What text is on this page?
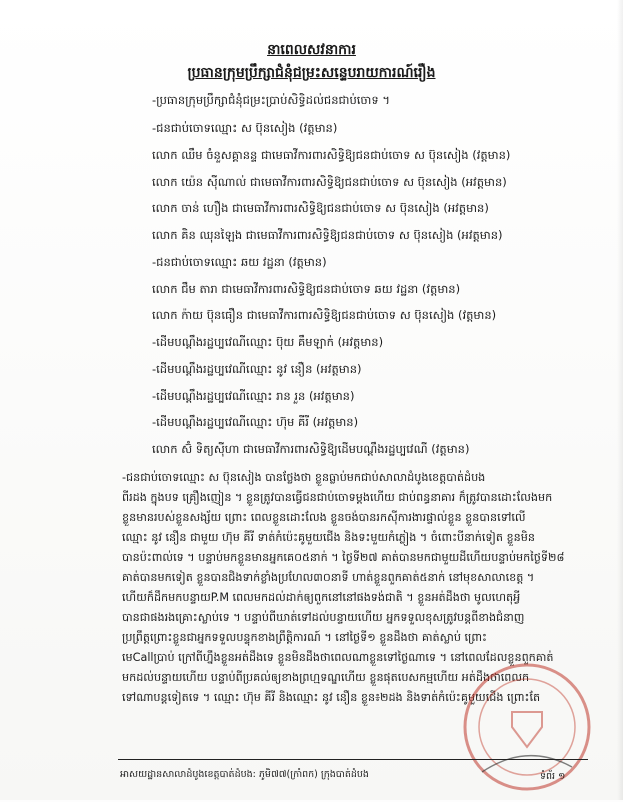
នាពេលសវនាការ
ប្រធានក្រុមប្រឹក្សាជំនុំជម្រះសន្ទេបរាយការណ៍រឿង
-ប្រធានក្រុមប្រឹក្សាជំនុំជម្រះប្រាប់សិទ្ធិដល់ជនជាប់ចោទ ។
-ជនជាប់ចោទឈ្មោះ ស ប៊ុនសៀង (វត្តមាន)
លោក ឈឹម ចំនួសគ្គានន្ទ ជាមេធាវីការពារសិទ្ធិឱ្យជនជាប់ចោទ ស ប៊ុនសៀង (វត្តមាន)
លោក យ៉េន ស៊ីណាល់ ជាមេធាវីការពារសិទ្ធិឱ្យជនជាប់ចោទ ស ប៊ុនសៀង (អវត្តមាន)
លោក ចាន់ ហឿង ជាមេធាវីការពារសិទ្ធិឱ្យជនជាប់ចោទ ស ប៊ុនសៀង (អវត្តមាន)
លោក គិន ឈុនឡៃង ជាមេធាវីការពារសិទ្ធិឱ្យជនជាប់ចោទ ស ប៊ុនសៀង (អវត្តមាន)
-ជនជាប់ចោទឈ្មោះ ឆយ វដ្ឋនា (វត្តមាន)
លោក ជឹម តារា ជាមេធាវីការពារសិទ្ធិឱ្យជនជាប់ចោទ ឆយ វដ្ឋនា (វត្តមាន)
លោក ក៉ាយ ប៊ុនធឿន ជាមេធាវីការពារសិទ្ធិឱ្យជនជាប់ចោទ ស ប៊ុនសៀង (វត្តមាន)
-ដើមបណ្ដឹងរដ្ឋប្បវេណីឈ្មោះ ប៊ុយ គឹមឡាក់ (អវត្តមាន)
-ដើមបណ្ដឹងរដ្ឋប្បវេណីឈ្មោះ នូវ នឿន (អវត្តមាន)
-ដើមបណ្ដឹងរដ្ឋប្បវេណីឈ្មោះ រាន រួន (អវត្តមាន)
-ដើមបណ្ដឹងរដ្ឋប្បវេណីឈ្មោះ ហ៊ុម គីរី (អវត្តមាន)
លោក ស៊ំ ទិត្យស៊ីហា ជាមេធាវីការពារសិទ្ធិឱ្យដើមបណ្ដឹងរដ្ឋប្បវេណី (វត្តមាន)

-ជនជាប់ចោទឈ្មោះ ស ប៊ុនសៀង បានថ្លែងថា ខ្លួនធ្លាប់មកជាប់សាលាដំបូងខេត្តបាត់ដំបង

ពីរដង ក្នុងបទ គ្រឿងញៀន ។ ខ្លួនត្រូវបានធ្វើជនជាប់ចោទម្ដងហើយ ជាប់ពន្ធនាគារ ក៏ត្រូវបានដោះលែងមក

ខ្លួនមានរបស់ខ្លួនសង្ស័យ ព្រោះ ពេលខ្លួនដោះលែង ខ្លួនចង់បានរកស៊ីការងារផ្ទាល់ខ្លួន ខ្លួនបានទៅលើ

ឈ្មោះ នូវ នឿន ជាមួយ ហ៊ុម គីរី ទាត់កំប៉េះគូមួយជើង និងទះមួយកំភ្លៀង ។ ចំពោះបីនាក់ទៀត ខ្លួនមិន

បានប៉ះពាល់ទេ ។ បន្ទាប់មកខ្លួនមានអ្នកគេ០៥នាក់ ។ ថ្ងៃទី២៧ គាត់បានមកជាមួយដីហើយបន្ទាប់មកថ្ងៃទី២៨

គាត់បានមកទៀត ខ្លួនបានជិងទាក់ខ្លាំងប្រហែល៣០នាទី ហាត់ខ្លួនពួកគាត់៥នាក់ នៅមុខសាលាខេត្ត ។

ហើយក៏ដឹកមកបន្ទាយP.M ពេលមកដល់ដាក់ឲ្យពួកនៅនៅផងទង់ជាតិ ។ ខ្លួនអត់ដឹងថា មូលហេតុអ្វី

បានជាផងរងគ្រោះស្លាប់ទេ ។ បន្ទាប់ពីឃាត់ទៅដល់បន្ទាយហើយ អ្នកទទួលខុសត្រូវបន្តពីខាងជំនាញ

ប្រព្រឹត្តព្រោះខ្លួនជាអ្នកទទួលបន្ទុកខាងព្រឹត្តិការណ៍ ។ នៅថ្ងៃទី១ ខ្លួនដឹងថា គាត់ស្លាប់ ព្រោះ

មេCallប្រាប់ ក្រៅពីហ្នឹងខ្លួនអត់ដឹងទេ ខ្លួនមិនដឹងថាពេលណាខ្លួនទៅថ្ងៃណាទេ ។ នៅពេលដែលខ្លួនពួកគាត់

មកដល់បន្ទាយហើយ បន្ទាប់ពីប្រគល់ឲ្យខាងព្រហ្មទណ្ឌហើយ ខ្លួនផុតបេសកម្មហើយ អត់ដឹងថាពេលក

ទៅណាបន្តទៀតទេ ។ ឈ្មោះ ហ៊ុម គីរី និងឈ្មោះ នូវ នឿន ខ្លួន៖២ដង និងទាត់កំប៉េះគូមួយជើង ព្រោះតែ

អាសយដ្ឋានសាលាដំបូងខេត្តបាត់ដំបង: ភូមិ៧៧(ក្រាំពក) ក្រុងបាត់ដំបង	ទំព័រ ១
